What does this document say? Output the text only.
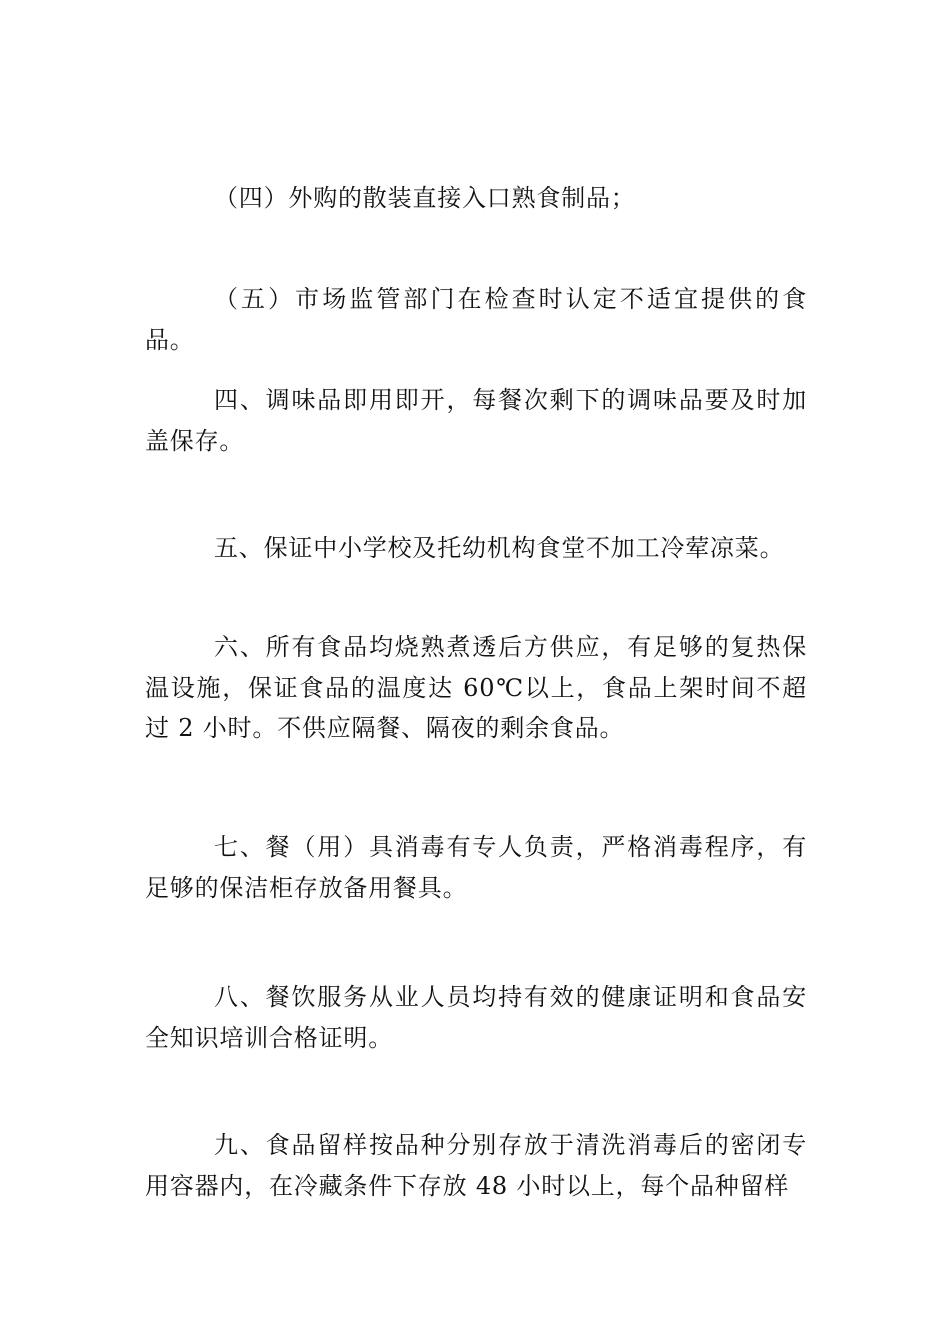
（四）外购的散装直接入口熟食制品；

（五）市场监管部门在检查时认定不适宜提供的食品。

四、调味品即用即开，每餐次剩下的调味品要及时加盖保存。

五、保证中小学校及托幼机构食堂不加工冷荤凉菜。

六、所有食品均烧熟煮透后方供应，有足够的复热保温设施，保证食品的温度达 60℃以上，食品上架时间不超过 2 小时。不供应隔餐、隔夜的剩余食品。

七、餐（用）具消毒有专人负责，严格消毒程序，有足够的保洁柜存放备用餐具。

八、餐饮服务从业人员均持有效的健康证明和食品安全知识培训合格证明。

九、食品留样按品种分别存放于清洗消毒后的密闭专用容器内，在冷藏条件下存放 48 小时以上，每个品种留样
